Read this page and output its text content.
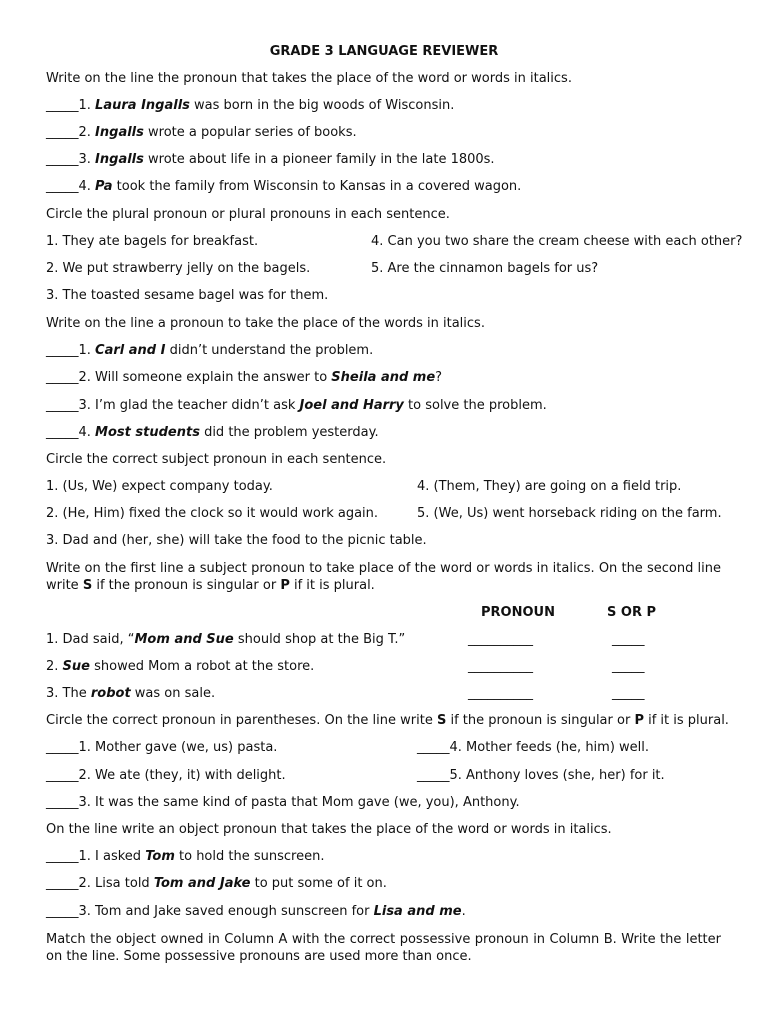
GRADE 3 LANGUAGE REVIEWER
Write on the line the pronoun that takes the place of the word or words in italics.
_____1. Laura Ingalls was born in the big woods of Wisconsin.
_____2. Ingalls wrote a popular series of books.
_____3. Ingalls wrote about life in a pioneer family in the late 1800s.
_____4. Pa took the family from Wisconsin to Kansas in a covered wagon.
Circle the plural pronoun or plural pronouns in each sentence.
1. They ate bagels for breakfast.	4. Can you two share the cream cheese with each other?
2. We put strawberry jelly on the bagels.	5. Are the cinnamon bagels for us?
3. The toasted sesame bagel was for them.
Write on the line a pronoun to take the place of the words in italics.
_____1. Carl and I didn’t understand the problem.
_____2. Will someone explain the answer to Sheila and me?
_____3. I’m glad the teacher didn’t ask Joel and Harry to solve the problem.
_____4. Most students did the problem yesterday.
Circle the correct subject pronoun in each sentence.
1. (Us, We) expect company today.	4. (Them, They) are going on a field trip.
2. (He, Him) fixed the clock so it would work again.	5. (We, Us) went horseback riding on the farm.
3. Dad and (her, she) will take the food to the picnic table.
Write on the first line a subject pronoun to take place of the word or words in italics. On the second line write S if the pronoun is singular or P if it is plural.
PRONOUN	S OR P
1. Dad said, “Mom and Sue should shop at the Big T.”	__________	_____
2. Sue showed Mom a robot at the store.	__________	_____
3. The robot was on sale.	__________	_____
Circle the correct pronoun in parentheses. On the line write S if the pronoun is singular or P if it is plural.
_____1. Mother gave (we, us) pasta.	_____4. Mother feeds (he, him) well.
_____2. We ate (they, it) with delight.	_____5. Anthony loves (she, her) for it.
_____3. It was the same kind of pasta that Mom gave (we, you), Anthony.
On the line write an object pronoun that takes the place of the word or words in italics.
_____1. I asked Tom to hold the sunscreen.
_____2. Lisa told Tom and Jake to put some of it on.
_____3. Tom and Jake saved enough sunscreen for Lisa and me.
Match the object owned in Column A with the correct possessive pronoun in Column B. Write the letter on the line. Some possessive pronouns are used more than once.
